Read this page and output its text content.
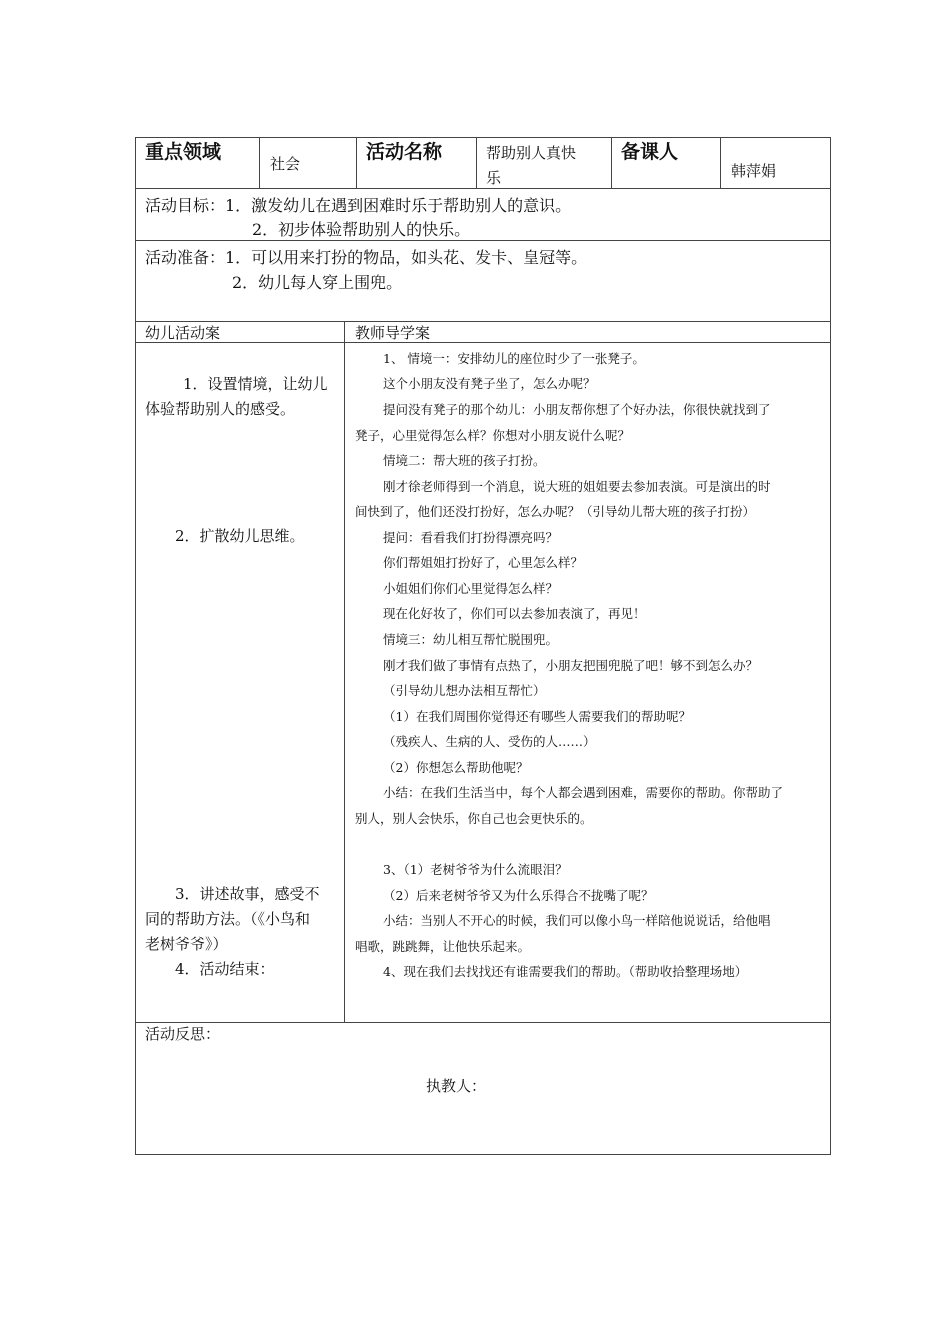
重点领域
社会
活动名称	帮助别人真快
乐
备课人
韩萍娟
活动目标：1．激发幼儿在遇到困难时乐于帮助别人的意识。
2．初步体验帮助别人的快乐。
活动准备：1．可以用来打扮的物品，如头花、发卡、皇冠等。
2．幼儿每人穿上围兜。
幼儿活动案	教师导学案
1．设置情境，让幼儿
体验帮助别人的感受。
2．扩散幼儿思维。
3．讲述故事，感受不
同的帮助方法。（《小鸟和
老树爷爷》）
4．活动结束：
1、 情境一：安排幼儿的座位时少了一张凳子。
这个小朋友没有凳子坐了，怎么办呢？
提问没有凳子的那个幼儿：小朋友帮你想了个好办法，你很快就找到了
凳子，心里觉得怎么样？你想对小朋友说什么呢？
情境二：帮大班的孩子打扮。
刚才徐老师得到一个消息，说大班的姐姐要去参加表演。可是演出的时
间快到了，他们还没打扮好，怎么办呢？（引导幼儿帮大班的孩子打扮）
提问：看看我们打扮得漂亮吗？
你们帮姐姐打扮好了，心里怎么样？
小姐姐们你们心里觉得怎么样？
现在化好妆了，你们可以去参加表演了，再见！
情境三：幼儿相互帮忙脱围兜。
刚才我们做了事情有点热了，小朋友把围兜脱了吧！够不到怎么办？
（引导幼儿想办法相互帮忙）
（1）在我们周围你觉得还有哪些人需要我们的帮助呢？
（残疾人、生病的人、受伤的人……）
（2）你想怎么帮助他呢？
小结：在我们生活当中，每个人都会遇到困难，需要你的帮助。你帮助了
别人，别人会快乐，你自己也会更快乐的。
3、（1）老树爷爷为什么流眼泪？
（2）后来老树爷爷又为什么乐得合不拢嘴了呢？
小结：当别人不开心的时候，我们可以像小鸟一样陪他说说话，给他唱
唱歌，跳跳舞，让他快乐起来。
4、现在我们去找找还有谁需要我们的帮助。（帮助收拾整理场地）
活动反思：
执教人：
